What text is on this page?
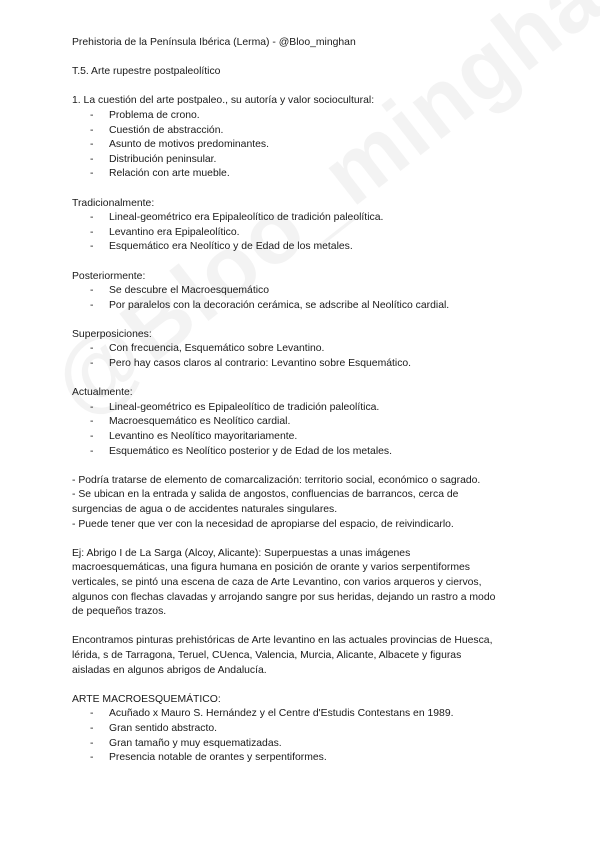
Prehistoria de la Península Ibérica (Lerma) - @Bloo_minghan
T.5. Arte rupestre postpaleolítico
1. La cuestión del arte postpaleo., su autoría y valor sociocultural:
- Problema de crono.
- Cuestión de abstracción.
- Asunto de motivos predominantes.
- Distribución peninsular.
- Relación con arte mueble.
Tradicionalmente:
- Lineal-geométrico era Epipaleolítico de tradición paleolítica.
- Levantino era Epipaleolítico.
- Esquemático era Neolítico y de Edad de los metales.
Posteriormente:
- Se descubre el Macroesquemático
- Por paralelos con la decoración cerámica, se adscribe al Neolítico cardial.
Superposiciones:
- Con frecuencia, Esquemático sobre Levantino.
- Pero hay casos claros al contrario: Levantino sobre Esquemático.
Actualmente:
- Lineal-geométrico es Epipaleolítico de tradición paleolítica.
- Macroesquemático es Neolítico cardial.
- Levantino es Neolítico mayoritariamente.
- Esquemático es Neolítico posterior y de Edad de los metales.
- Podría tratarse de elemento de comarcalización: territorio social, económico o sagrado.
- Se ubican en la entrada y salida de angostos, confluencias de barrancos, cerca de
surgencias de agua o de accidentes naturales singulares.
- Puede tener que ver con la necesidad de apropiarse del espacio, de reivindicarlo.
Ej: Abrigo I de La Sarga (Alcoy, Alicante): Superpuestas a unas imágenes
macroesquemáticas, una figura humana en posición de orante y varios serpentiformes
verticales, se pintó una escena de caza de Arte Levantino, con varios arqueros y ciervos,
algunos con flechas clavadas y arrojando sangre por sus heridas, dejando un rastro a modo
de pequeños trazos.
Encontramos pinturas prehistóricas de Arte levantino en las actuales provincias de Huesca,
lérida, s de Tarragona, Teruel, CUenca, Valencia, Murcia, Alicante, Albacete y figuras
aisladas en algunos abrigos de Andalucía.
ARTE MACROESQUEMÁTICO:
- Acuñado x Mauro S. Hernández y el Centre d'Estudis Contestans en 1989.
- Gran sentido abstracto.
- Gran tamaño y muy esquematizadas.
- Presencia notable de orantes y serpentiformes.
